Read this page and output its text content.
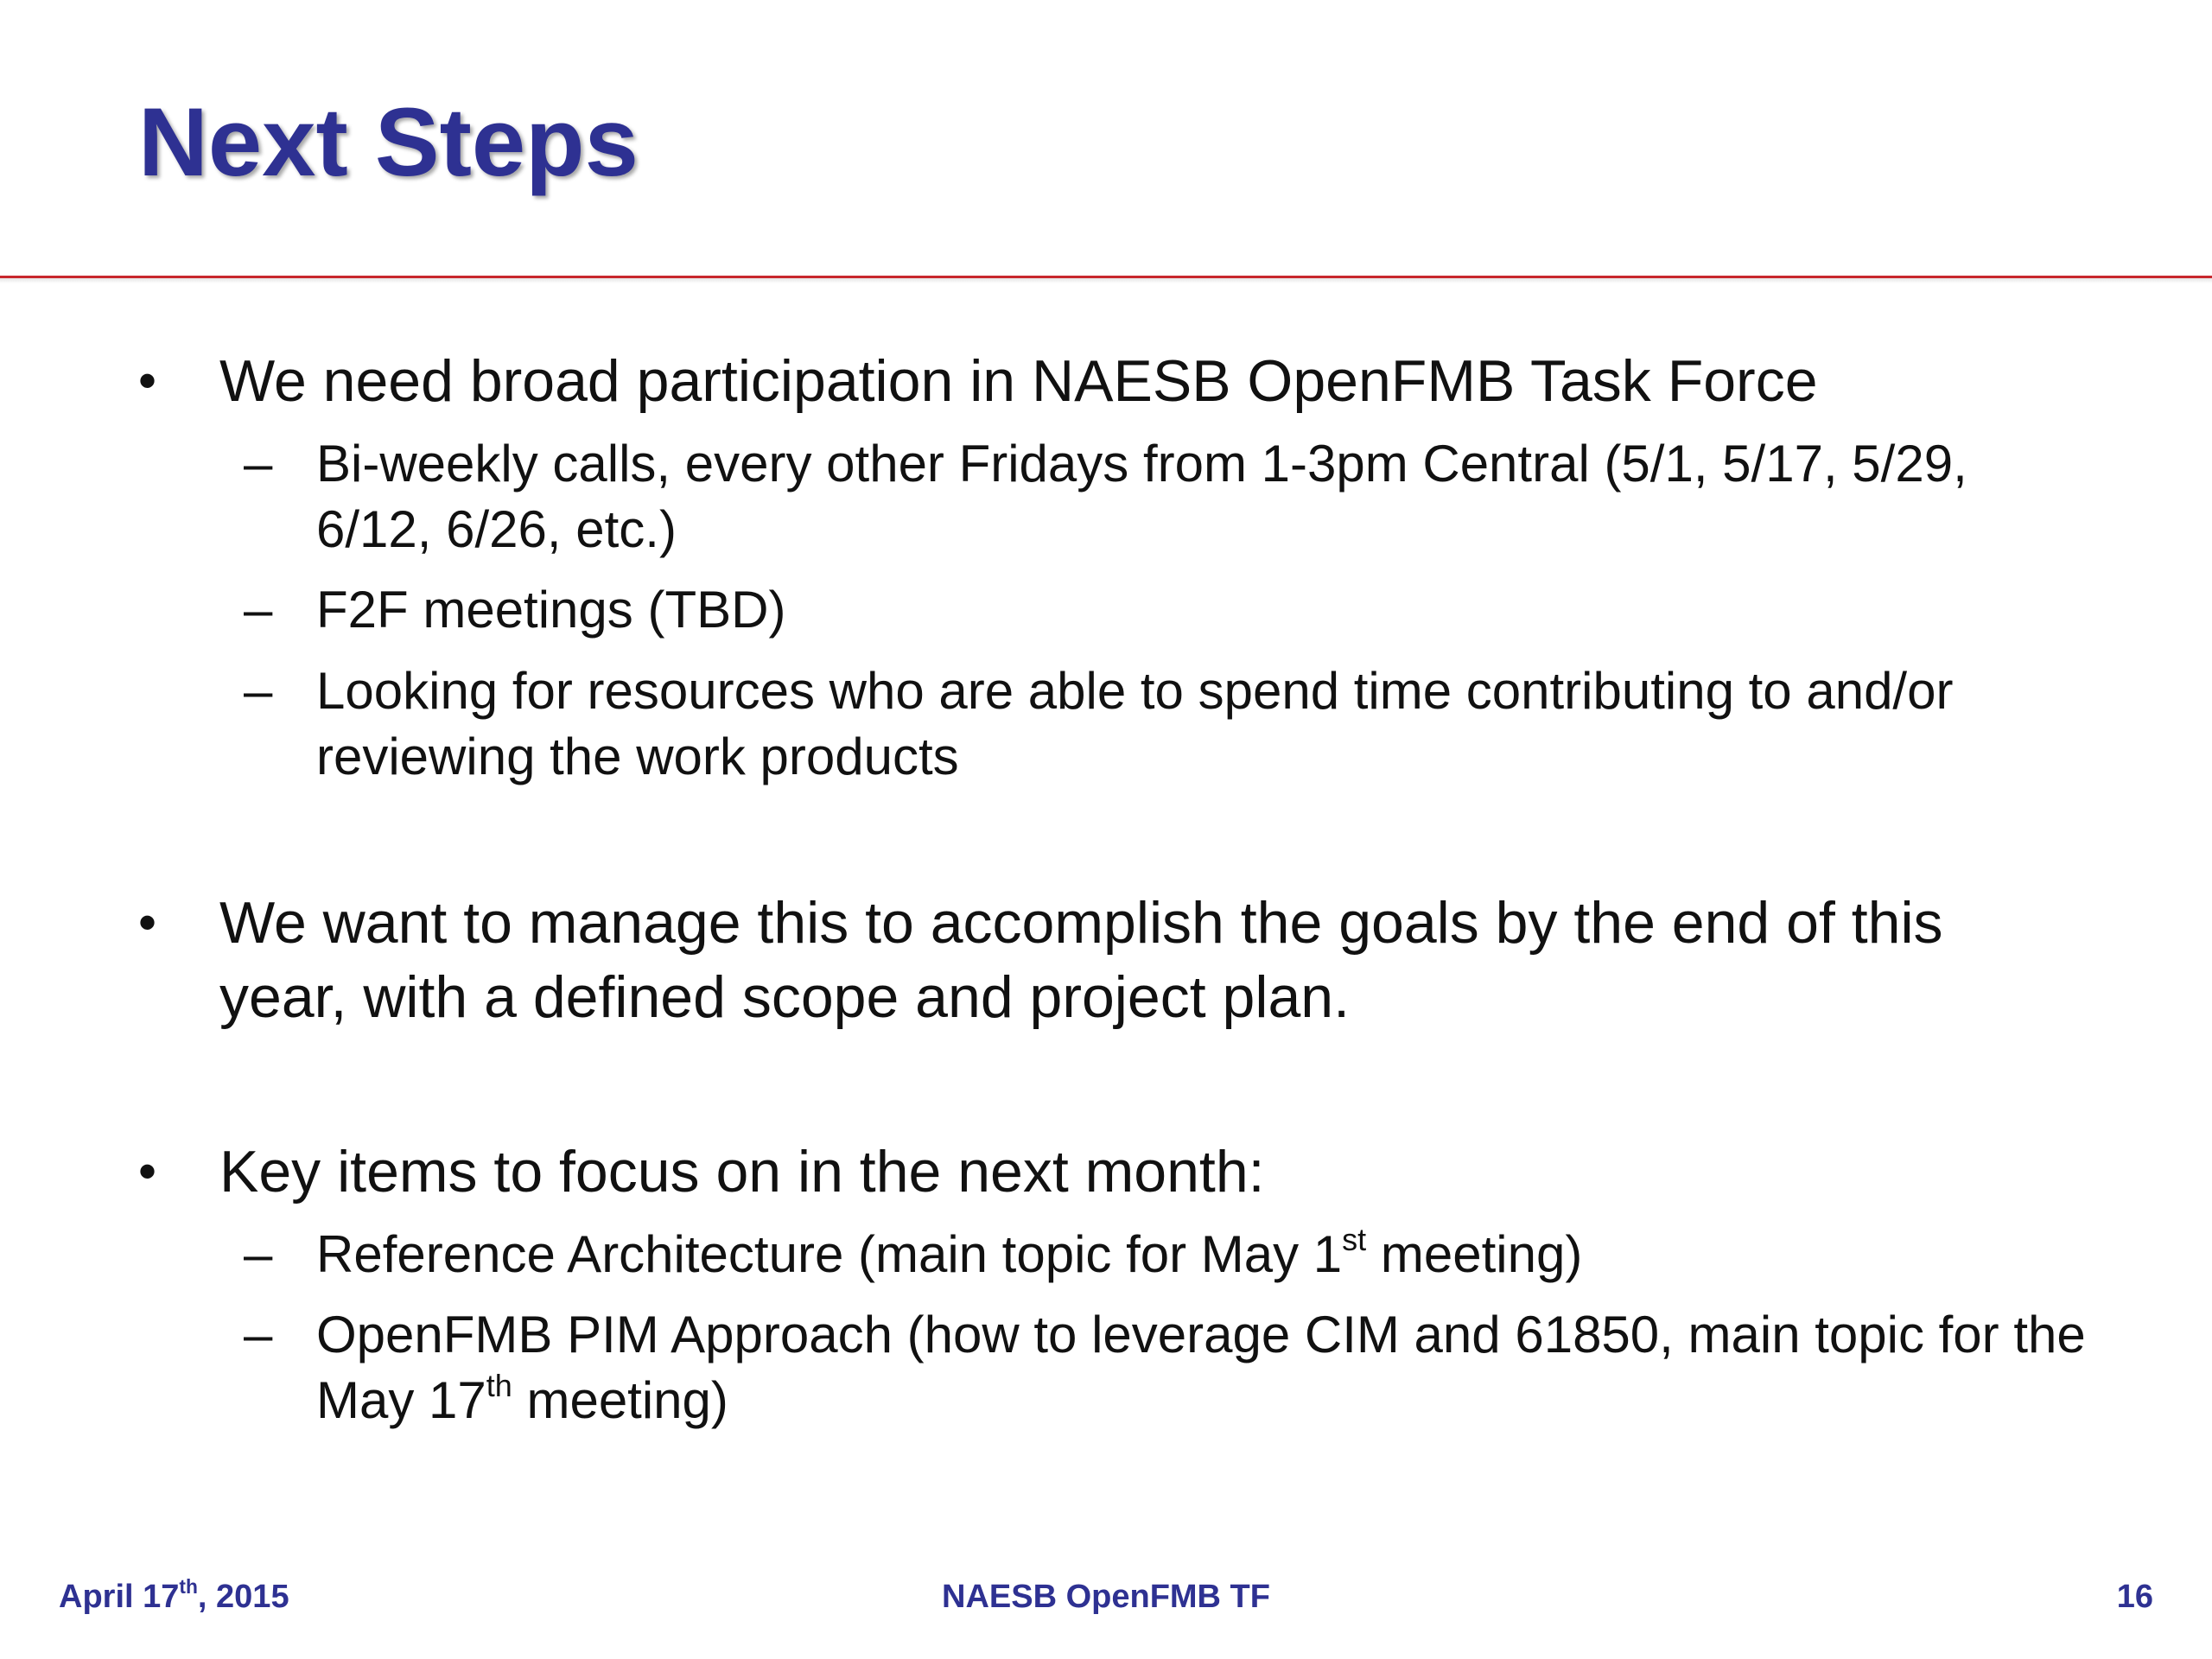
Next Steps
• We need broad participation in NAESB OpenFMB Task Force
– Bi-weekly calls, every other Fridays from 1-3pm Central (5/1, 5/17, 5/29, 6/12, 6/26, etc.)
– F2F meetings (TBD)
– Looking for resources who are able to spend time contributing to and/or reviewing the work products
• We want to manage this to accomplish the goals by the end of this year, with a defined scope and project plan.
• Key items to focus on in the next month:
– Reference Architecture (main topic for May 1st meeting)
– OpenFMB PIM Approach (how to leverage CIM and 61850, main topic for the May 17th meeting)
April 17th, 2015	NAESB OpenFMB TF	16
